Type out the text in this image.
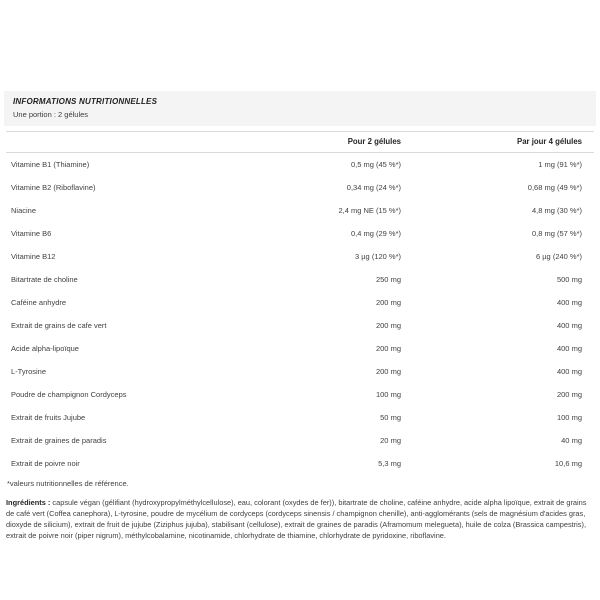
INFORMATIONS NUTRITIONNELLES
Une portion : 2 gélules
	Pour 2 gélules	Par jour 4 gélules
Vitamine B1 (Thiamine)	0,5 mg (45 %*)	1 mg (91 %*)
Vitamine B2 (Riboflavine)	0,34 mg (24 %*)	0,68 mg (49 %*)
Niacine	2,4 mg NE (15 %*)	4,8 mg (30 %*)
Vitamine B6	0,4 mg (29 %*)	0,8 mg (57 %*)
Vitamine B12	3 µg (120 %*)	6 µg (240 %*)
Bitartrate de choline	250 mg	500 mg
Caféine anhydre	200 mg	400 mg
Extrait de grains de cafe vert	200 mg	400 mg
Acide alpha-lipoïque	200 mg	400 mg
L-Tyrosine	200 mg	400 mg
Poudre de champignon Cordyceps	100 mg	200 mg
Extrait de fruits Jujube	50 mg	100 mg
Extrait de graines de paradis	20 mg	40 mg
Extrait de poivre noir	5,3 mg	10,6 mg
*valeurs nutritionnelles de référence.

Ingrédients : capsule végan (gélifiant (hydroxypropylméthylcellulose), eau, colorant (oxydes de fer)), bitartrate de choline, caféine anhydre, acide alpha lipoïque, extrait de grains de café vert (Coffea canephora), L-tyrosine, poudre de mycélium de cordyceps (cordyceps sinensis / champignon chenille), anti-agglomérants (sels de magnésium d'acides gras, dioxyde de silicium), extrait de fruit de jujube (Ziziphus jujuba), stabilisant (cellulose), extrait de graines de paradis (Aframomum melegueta), huile de colza (Brassica campestris), extrait de poivre noir (piper nigrum), méthylcobalamine, nicotinamide, chlorhydrate de thiamine, chlorhydrate de pyridoxine, riboflavine.
